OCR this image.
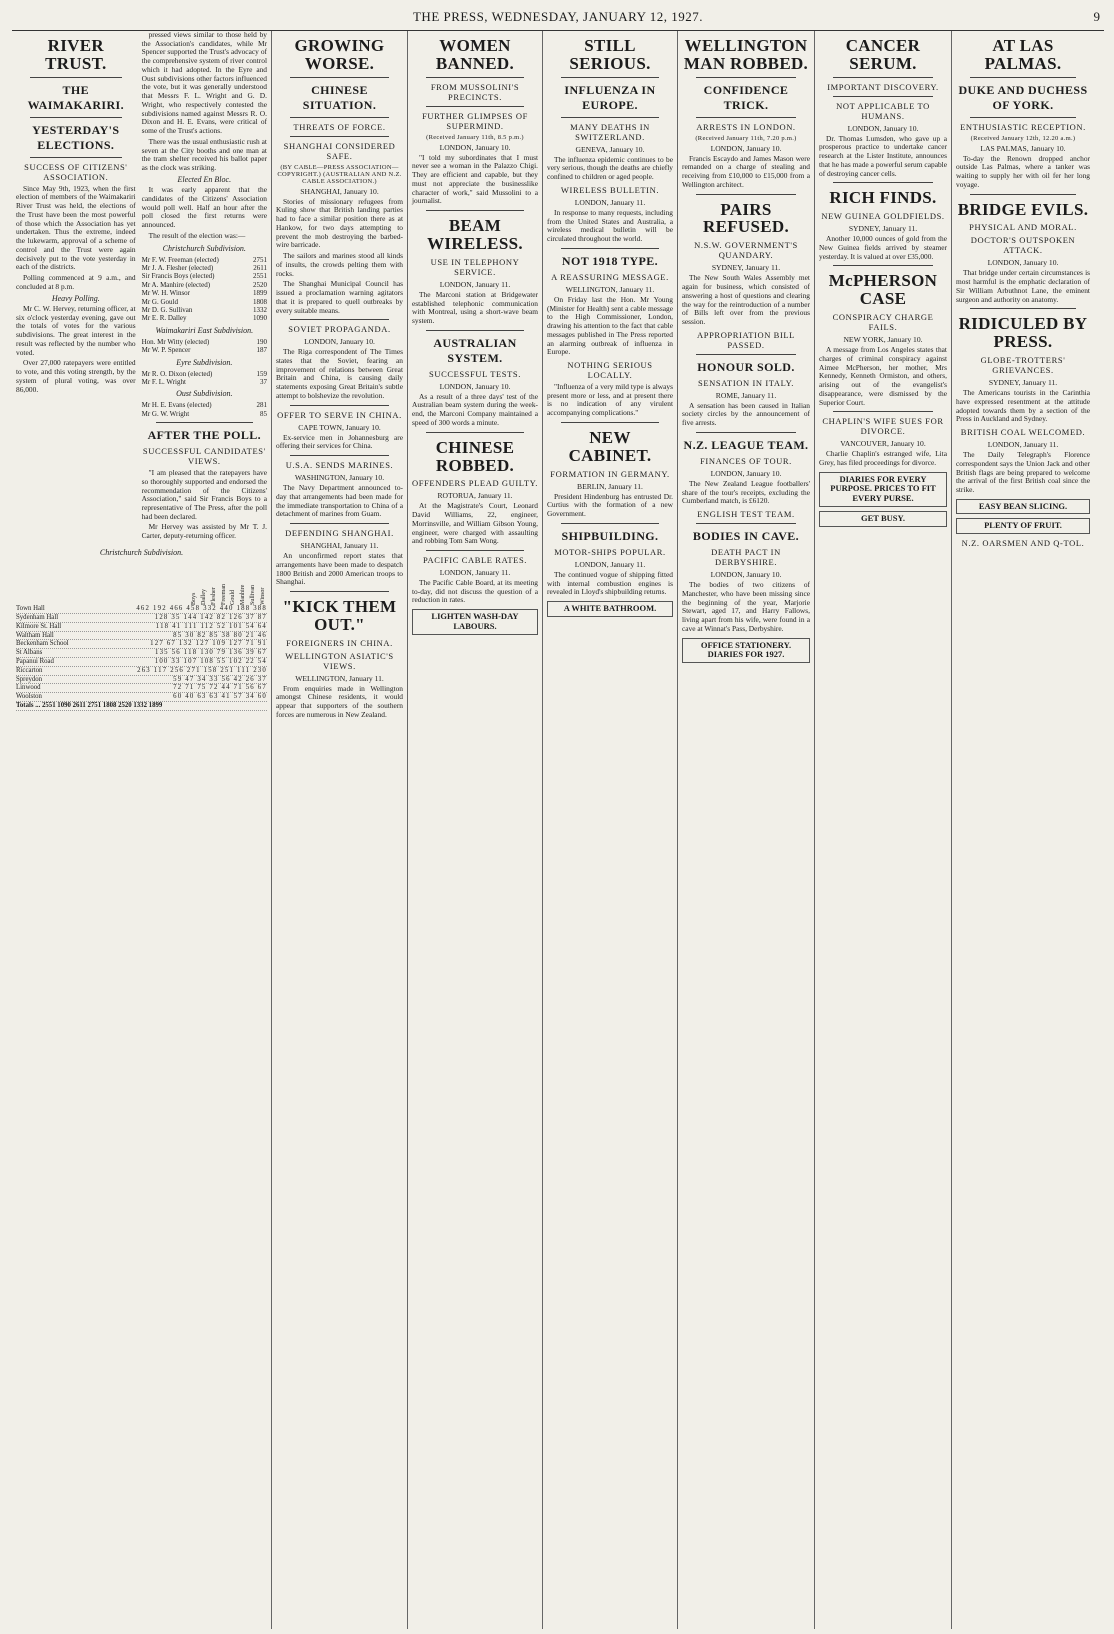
THE PRESS, WEDNESDAY, JANUARY 12, 1927.	9
RIVER TRUST.
THE WAIMAKARIRI.
YESTERDAY'S ELECTIONS.
SUCCESS OF CITIZENS' ASSOCIATION.

Since May 9th, 1923, when the first election of members of the Waimakariri River Trust was held, the elections of the Trust have been the most powerful of those which the Association has yet undertaken. Thus the extreme, indeed the lukewarm, approval of a scheme of control and the Trust were again decisively put to the vote yesterday in each of the districts.

Polling commenced at 9 a.m., and concluded at 8 p.m.

Heavy Polling.

Mr C. W. Hervey, returning officer, at six o'clock yesterday evening, gave out the totals of votes for the various subdivisions. The great interest in the result was reflected by the number who voted.

Over 27,000 ratepayers were entitled to vote, and this voting strength, by the system of plural voting, was over 86,000.

pressed views similar to those held by the Association's candidates, while Mr Spencer supported the Trust's advocacy of the comprehensive system of river control which it had adopted. In the Eyre and Oust subdivisions other factors influenced the vote, but it was generally understood that Messrs F. L. Wright and G. D. Wright, who respectively contested the subdivisions named against Messrs R. O. Dixon and H. E. Evans, were critical of some of the Trust's actions.

There was the usual enthusiastic rush at seven at the City booths and one man at the tram shelter received his ballot paper as the clock was striking.

Elected En Bloc.

It was early apparent that the candidates of the Citizens' Association would poll well. Half an hour after the poll closed the first returns were announced.

The result of the election was:—

Christchurch Subdivision.
Mr F. W. Freeman (elected)	2751
Mr J. A. Flesher (elected)	2611
Sir Francis Boys (elected)	2551
Mr A. Manhire (elected)	2520
Mr W. H. Winsor	1899
Mr G. Gould	1808
Mr D. G. Sullivan	1332
Mr E. R. Dalley	1090
Waimakariri East Subdivision.
Hon. Mr Witty (elected)	190
Mr W. P. Spencer	187
Eyre Subdivision.
Mr R. O. Dixon (elected)	159
Mr F. L. Wright	37
Oust Subdivision.
Mr H. E. Evans (elected)	281
Mr G. W. Wright	85
AFTER THE POLL.
SUCCESSFUL CANDIDATES' VIEWS.

"I am pleased that the ratepayers have so thoroughly supported and endorsed the recommendation of the Citizens' Association," said Sir Francis Boys to a representative of The Press, after the poll had been declared.

Mr Hervey was assisted by Mr T. J. Carter, deputy-returning officer.

Christchurch Subdivision.
Boys Dalley Flesher Freeman Gould Manhire Sullivan Winsor
Town Hall	462 192 466 458 332 440 188 388
Sydenham Hall	128 35 144 142 82 126 37 87
Kilmore St. Hall	118 41 111 112 52 101 54 64
Waltham Hall	85 30 82 85 38 80 21 46
Beckenham School	127 67 132 127 109 127 71 91
St Albans	135 56 118 130 79 136 39 67
Papanui Road	100 33 107 108 55 102 22 54
Riccarton	263 117 256 271 158 251 111 230
Spreydon	59 47 34 33 56 42 26 37
Linwood	72 71 75 72 44 71 56 67
Woolston	60 40 63 63 41 57 34 60
Totals ... 2551 1090 2611 2751 1808 2520 1332 1899
GROWING WORSE.
CHINESE SITUATION.
THREATS OF FORCE.
SHANGHAI CONSIDERED SAFE.
(BY CABLE—PRESS ASSOCIATION—COPYRIGHT.) (AUSTRALIAN AND N.Z. CABLE ASSOCIATION.)
SHANGHAI, January 10.

Stories of missionary refugees from Kuling show that British landing parties had to face a similar position there as at Hankow, for two days attempting to prevent the mob destroying the barbed-wire barricade.

The sailors and marines stood all kinds of insults, the crowds pelting them with rocks.

The Shanghai Municipal Council has issued a proclamation warning agitators that it is prepared to quell outbreaks by every suitable means.

SOVIET PROPAGANDA.
LONDON, January 10.

The Riga correspondent of The Times states that the Soviet, fearing an improvement of relations between Great Britain and China, is causing daily statements exposing Great Britain's subtle attempt to bolshevize the revolution.

OFFER TO SERVE IN CHINA.
CAPE TOWN, January 10.

Ex-service men in Johannesburg are offering their services for China.

U.S.A. SENDS MARINES.
WASHINGTON, January 10.

The Navy Department announced to-day that arrangements had been made for the immediate transportation to China of a detachment of marines from Guam.

DEFENDING SHANGHAI.
SHANGHAI, January 11.

An unconfirmed report states that arrangements have been made to despatch 1800 British and 2000 American troops to Shanghai.

"KICK THEM OUT."
FOREIGNERS IN CHINA.
WELLINGTON ASIATIC'S VIEWS.
WELLINGTON, January 11.

From enquiries made in Wellington amongst Chinese residents, it would appear that supporters of the southern forces are numerous in New Zealand.

WOMEN BANNED.
FROM MUSSOLINI'S PRECINCTS.
FURTHER GLIMPSES OF SUPERMIND.
(Received January 11th, 8.5 p.m.)
LONDON, January 10.

"I told my subordinates that I must never see a woman in the Palazzo Chigi. They are efficient and capable, but they must not appreciate the businesslike character of work," said Mussolini to a journalist.

BEAM WIRELESS.
USE IN TELEPHONY SERVICE.
LONDON, January 11.

The Marconi station at Bridgewater established telephonic communication with Montreal, using a short-wave beam system.

AUSTRALIAN SYSTEM.
SUCCESSFUL TESTS.
LONDON, January 10.

As a result of a three days' test of the Australian beam system during the week-end, the Marconi Company maintained a speed of 300 words a minute.

CHINESE ROBBED.
OFFENDERS PLEAD GUILTY.
ROTORUA, January 11.

At the Magistrate's Court, Leonard David Williams, 22, engineer, Morrinsville, and William Gibson Young, engineer, were charged with assaulting and robbing Tom Sam Wong.

PACIFIC CABLE RATES.
LONDON, January 11.

The Pacific Cable Board, at its meeting to-day, did not discuss the question of a reduction in rates.

LIGHTEN WASH-DAY LABOURS.
STILL SERIOUS.
INFLUENZA IN EUROPE.
MANY DEATHS IN SWITZERLAND.
GENEVA, January 10.

The influenza epidemic continues to be very serious, though the deaths are chiefly confined to children or aged people.

WIRELESS BULLETIN.
LONDON, January 11.

In response to many requests, including from the United States and Australia, a wireless medical bulletin will be circulated throughout the world.

NOT 1918 TYPE.
A REASSURING MESSAGE.
WELLINGTON, January 11.

On Friday last the Hon. Mr Young (Minister for Health) sent a cable message to the High Commissioner, London, drawing his attention to the fact that cable messages published in The Press reported an alarming outbreak of influenza in Europe.

NOTHING SERIOUS LOCALLY.

"Influenza of a very mild type is always present more or less, and at present there is no indication of any virulent accompanying complications."

NEW CABINET.
FORMATION IN GERMANY.
BERLIN, January 11.

President Hindenburg has entrusted Dr. Curtius with the formation of a new Government.

SHIPBUILDING.
MOTOR-SHIPS POPULAR.
LONDON, January 11.

The continued vogue of shipping fitted with internal combustion engines is revealed in Lloyd's shipbuilding returns.

A WHITE BATHROOM.
WELLINGTON MAN ROBBED.
CONFIDENCE TRICK.
ARRESTS IN LONDON.
(Received January 11th, 7.20 p.m.)
LONDON, January 10.

Francis Escaydo and James Mason were remanded on a charge of stealing and receiving from £10,000 to £15,000 from a Wellington architect.

PAIRS REFUSED.
N.S.W. GOVERNMENT'S QUANDARY.
SYDNEY, January 11.

The New South Wales Assembly met again for business, which consisted of answering a host of questions and clearing the way for the reintroduction of a number of Bills left over from the previous session.

APPROPRIATION BILL PASSED.
HONOUR SOLD.
SENSATION IN ITALY.
ROME, January 11.

A sensation has been caused in Italian society circles by the announcement of five arrests.

N.Z. LEAGUE TEAM.
FINANCES OF TOUR.
LONDON, January 10.

The New Zealand League footballers' share of the tour's receipts, excluding the Cumberland match, is £6120.

ENGLISH TEST TEAM.
BODIES IN CAVE.
DEATH PACT IN DERBYSHIRE.
LONDON, January 10.

The bodies of two citizens of Manchester, who have been missing since the beginning of the year, Marjorie Stewart, aged 17, and Harry Fallows, living apart from his wife, were found in a cave at Winnat's Pass, Derbyshire.

OFFICE STATIONERY. DIARIES FOR 1927.
CANCER SERUM.
IMPORTANT DISCOVERY.
NOT APPLICABLE TO HUMANS.
LONDON, January 10.

Dr. Thomas Lumsden, who gave up a prosperous practice to undertake cancer research at the Lister Institute, announces that he has made a powerful serum capable of destroying cancer cells.

RICH FINDS.
NEW GUINEA GOLDFIELDS.
SYDNEY, January 11.

Another 10,000 ounces of gold from the New Guinea fields arrived by steamer yesterday. It is valued at over £35,000.

McPHERSON CASE
CONSPIRACY CHARGE FAILS.
NEW YORK, January 10.

A message from Los Angeles states that charges of criminal conspiracy against Aimee McPherson, her mother, Mrs Kennedy, Kenneth Ormiston, and others, arising out of the evangelist's disappearance, were dismissed by the Superior Court.

CHAPLIN'S WIFE SUES FOR DIVORCE.
VANCOUVER, January 10.

Charlie Chaplin's estranged wife, Lita Grey, has filed proceedings for divorce.

DIARIES FOR EVERY PURPOSE. PRICES TO FIT EVERY PURSE.
GET BUSY.
AT LAS PALMAS.
DUKE AND DUCHESS OF YORK.
ENTHUSIASTIC RECEPTION.
(Received January 12th, 12.20 a.m.)
LAS PALMAS, January 10.

To-day the Renown dropped anchor outside Las Palmas, where a tanker was waiting to supply her with oil fer her long voyage.

BRIDGE EVILS.
PHYSICAL AND MORAL.
DOCTOR'S OUTSPOKEN ATTACK.
LONDON, January 10.

That bridge under certain circumstances is most harmful is the emphatic declaration of Sir William Arbuthnot Lane, the eminent surgeon and authority on anatomy.

RIDICULED BY PRESS.
GLOBE-TROTTERS' GRIEVANCES.
SYDNEY, January 11.

The Americans tourists in the Carinthia have expressed resentment at the attitude adopted towards them by a section of the Press in Auckland and Sydney.

BRITISH COAL WELCOMED.
LONDON, January 11.

The Daily Telegraph's Florence correspondent says the Union Jack and other British flags are being prepared to welcome the arrival of the first British coal since the strike.

EASY BEAN SLICING.
PLENTY OF FRUIT.
N.Z. OARSMEN AND Q-TOL.
